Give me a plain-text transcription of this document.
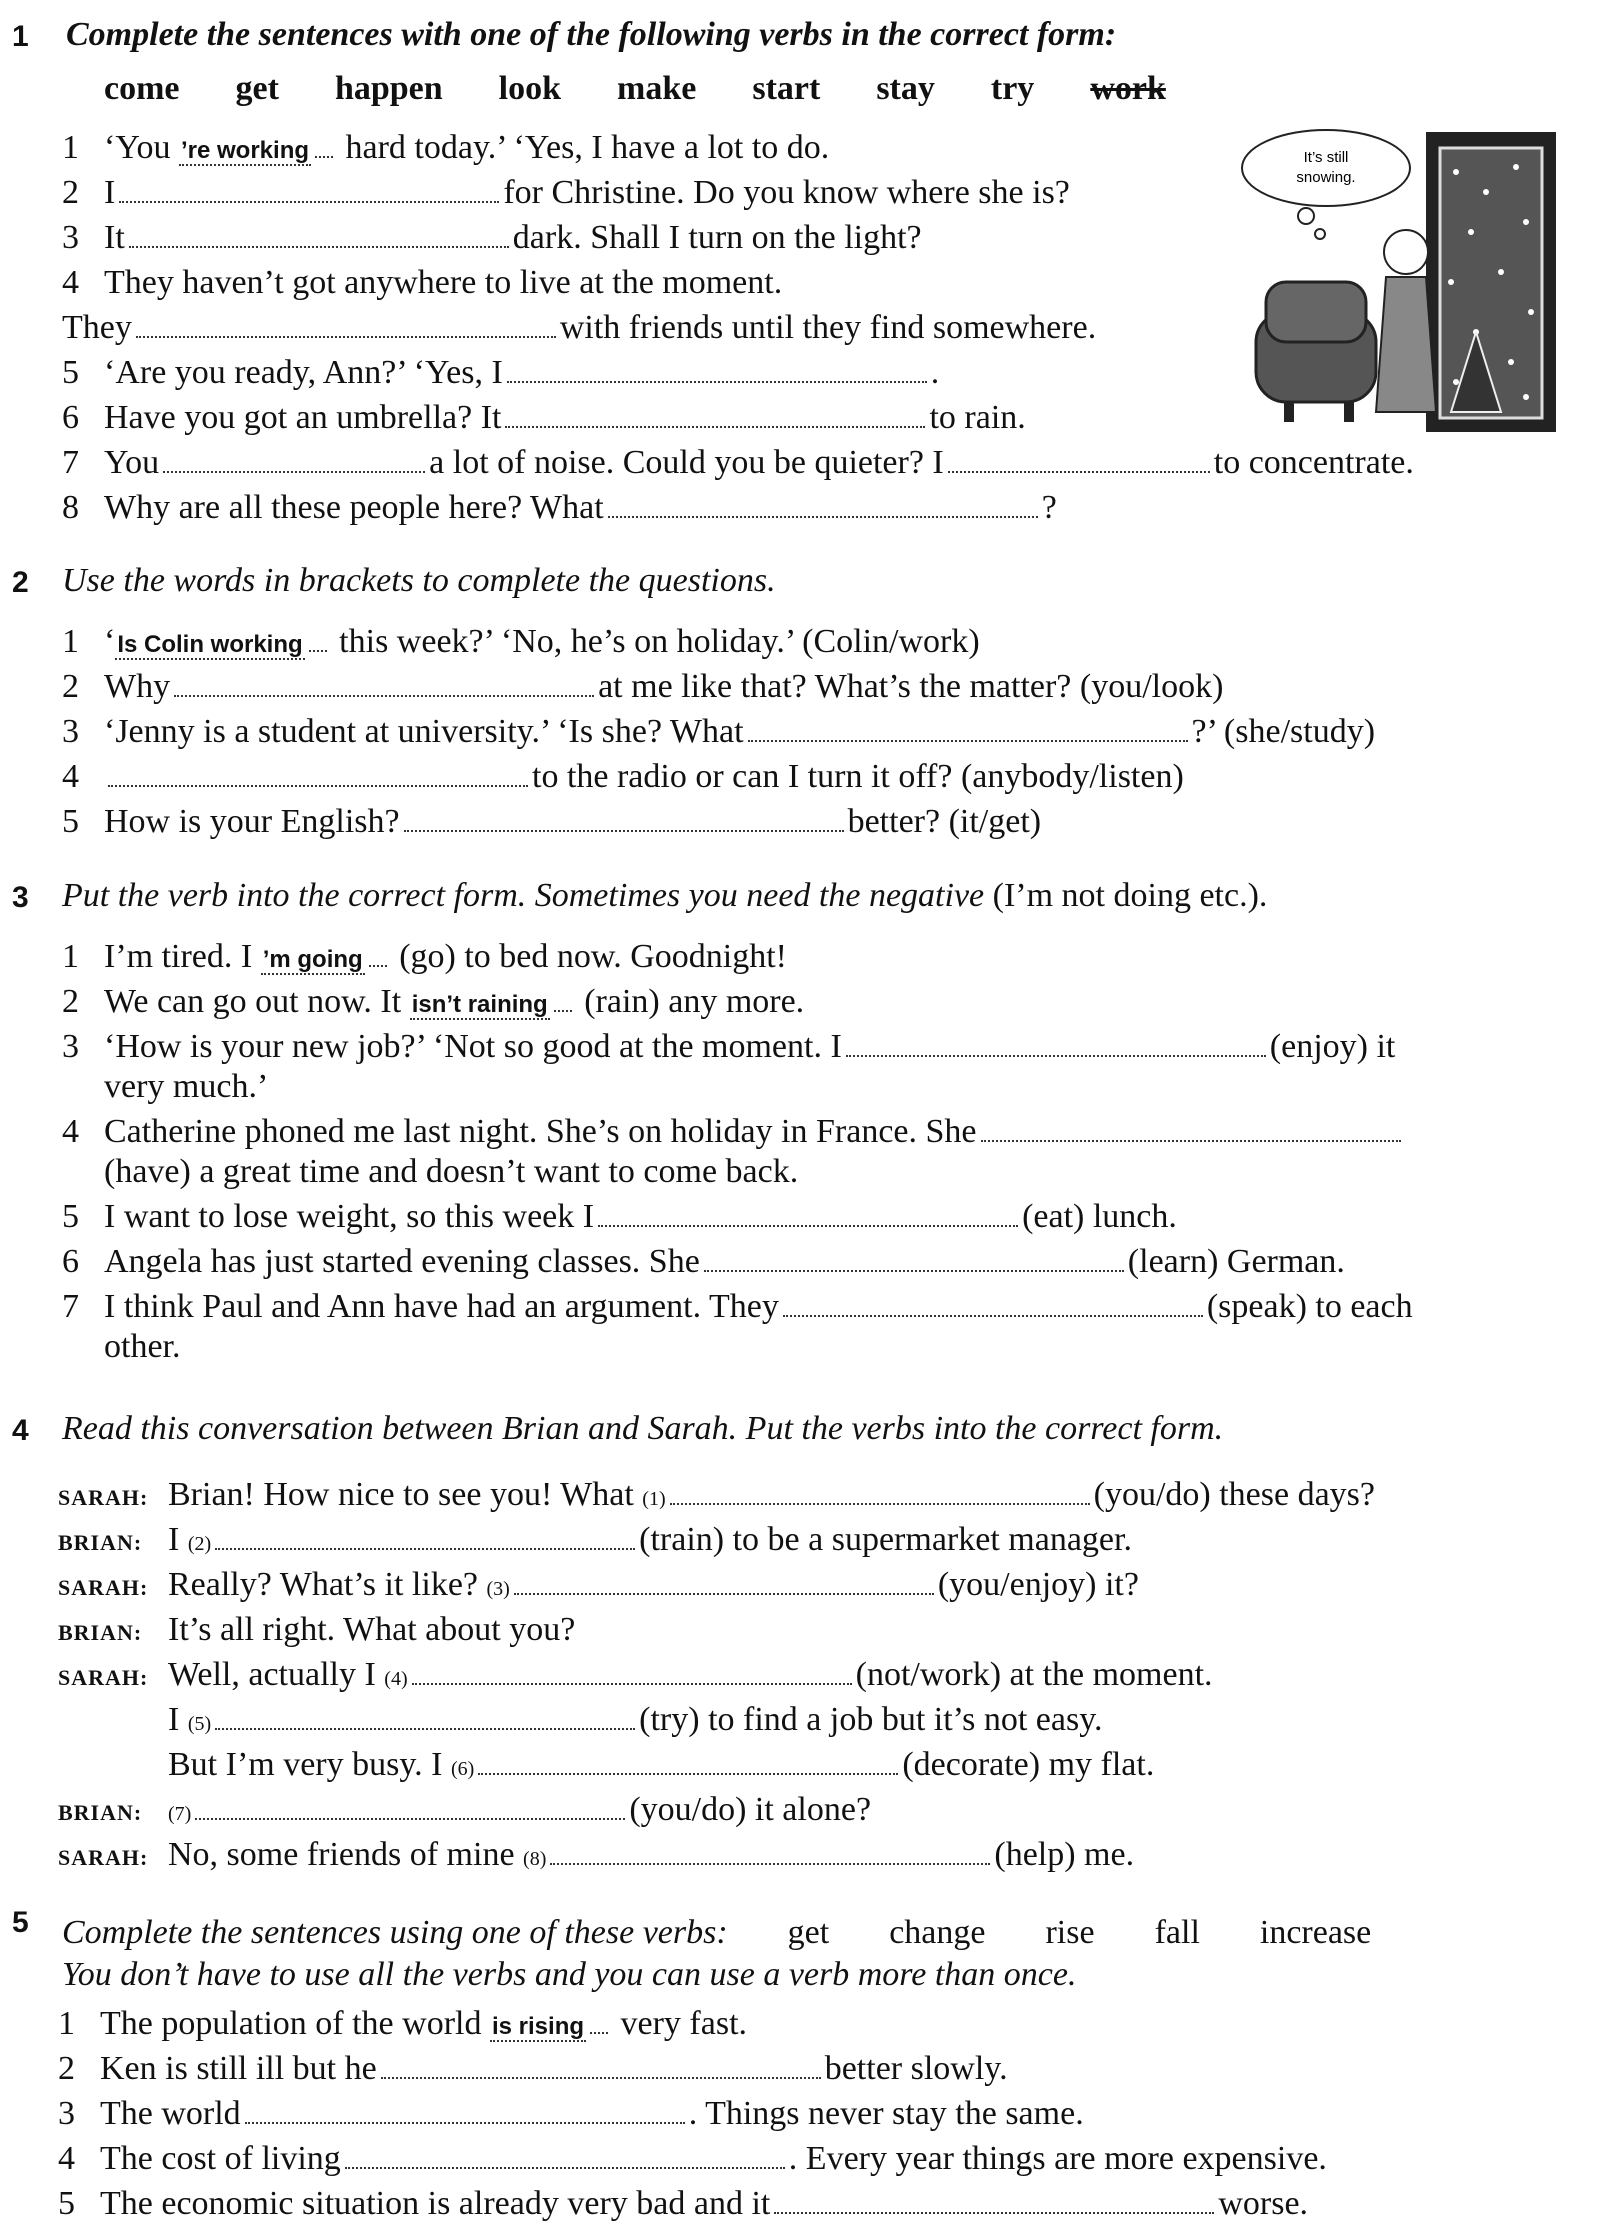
1 Complete the sentences with one of the following verbs in the correct form:
come get happen look make start stay try work
1 ‘You ’re working hard today.’ ‘Yes, I have a lot to do.
2 I	for Christine. Do you know where she is?
3 It	dark. Shall I turn on the light?
4 They haven’t got anywhere to live at the moment.
They	with friends until they find somewhere.
5 ‘Are you ready, Ann?’ ‘Yes, I	.
6 Have you got an umbrella? It	to rain.
7 You	a lot of noise. Could you be quieter? I	to concentrate.
8 Why are all these people here? What	?
It’s still
snowing.
2 Use the words in brackets to complete the questions.
1 ‘Is Colin working this week?’ ‘No, he’s on holiday.’ (Colin/work)
2 Why	at me like that? What’s the matter? (you/look)
3 ‘Jenny is a student at university.’ ‘Is she? What	?’ (she/study)
4	to the radio or can I turn it off? (anybody/listen)
5 How is your English?	better? (it/get)
3 Put the verb into the correct form. Sometimes you need the negative (I’m not doing etc.).
1 I’m tired. I ’m going (go) to bed now. Goodnight!
2 We can go out now. It isn’t raining (rain) any more.
3 ‘How is your new job?’ ‘Not so good at the moment. I	(enjoy) it
very much.’
4 Catherine phoned me last night. She’s on holiday in France. She
(have) a great time and doesn’t want to come back.
5 I want to lose weight, so this week I	(eat) lunch.
6 Angela has just started evening classes. She	(learn) German.
7 I think Paul and Ann have had an argument. They	(speak) to each
other.
4 Read this conversation between Brian and Sarah. Put the verbs into the correct form.
SARAH: Brian! How nice to see you! What (1)	(you/do) these days?
BRIAN: I (2)	(train) to be a supermarket manager.
SARAH: Really? What’s it like? (3)	(you/enjoy) it?
BRIAN: It’s all right. What about you?
SARAH: Well, actually I (4)	(not/work) at the moment.
I (5)	(try) to find a job but it’s not easy.
But I’m very busy. I (6)	(decorate) my flat.
BRIAN: (7)	(you/do) it alone?
SARAH: No, some friends of mine (8)	(help) me.
5 Complete the sentences using one of these verbs: get change rise fall increase
You don’t have to use all the verbs and you can use a verb more than once.
1 The population of the world is rising very fast.
2 Ken is still ill but he	better slowly.
3 The world	. Things never stay the same.
4 The cost of living	. Every year things are more expensive.
5 The economic situation is already very bad and it	worse.
